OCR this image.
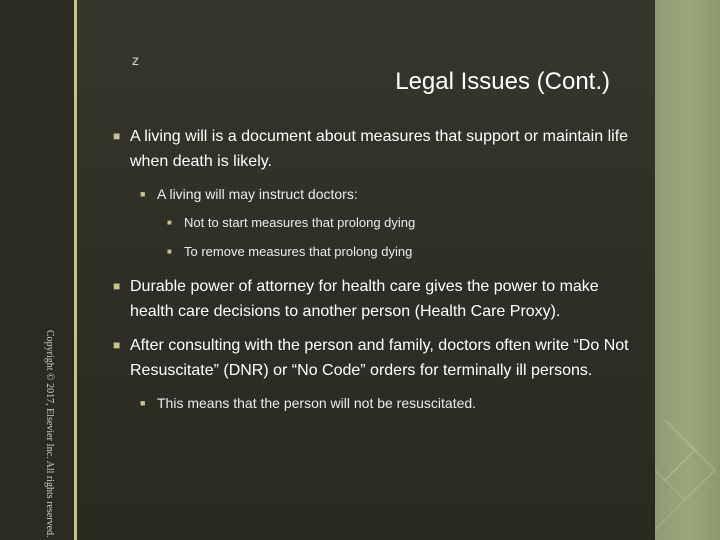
Copyright © 2017, Elsevier Inc. All rights reserved.
z
Legal Issues (Cont.)
■ A living will is a document about measures that support or maintain life when death is likely.
■ A living will may instruct doctors:
■ Not to start measures that prolong dying
■ To remove measures that prolong dying
■ Durable power of attorney for health care gives the power to make health care decisions to another person (Health Care Proxy).
■ After consulting with the person and family, doctors often write “Do Not Resuscitate” (DNR) or “No Code” orders for terminally ill persons.
■ This means that the person will not be resuscitated.
